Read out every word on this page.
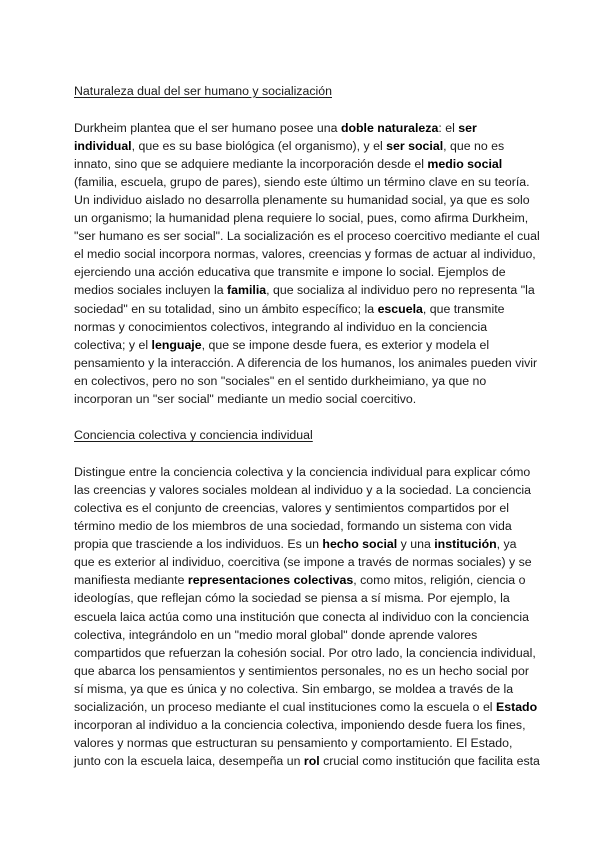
Naturaleza dual del ser humano y socialización

Durkheim plantea que el ser humano posee una doble naturaleza: el ser individual, que es su base biológica (el organismo), y el ser social, que no es innato, sino que se adquiere mediante la incorporación desde el medio social (familia, escuela, grupo de pares), siendo este último un término clave en su teoría. Un individuo aislado no desarrolla plenamente su humanidad social, ya que es solo un organismo; la humanidad plena requiere lo social, pues, como afirma Durkheim, "ser humano es ser social". La socialización es el proceso coercitivo mediante el cual el medio social incorpora normas, valores, creencias y formas de actuar al individuo, ejerciendo una acción educativa que transmite e impone lo social. Ejemplos de medios sociales incluyen la familia, que socializa al individuo pero no representa "la sociedad" en su totalidad, sino un ámbito específico; la escuela, que transmite normas y conocimientos colectivos, integrando al individuo en la conciencia colectiva; y el lenguaje, que se impone desde fuera, es exterior y modela el pensamiento y la interacción. A diferencia de los humanos, los animales pueden vivir en colectivos, pero no son "sociales" en el sentido durkheimiano, ya que no incorporan un "ser social" mediante un medio social coercitivo.

Conciencia colectiva y conciencia individual

Distingue entre la conciencia colectiva y la conciencia individual para explicar cómo las creencias y valores sociales moldean al individuo y a la sociedad. La conciencia colectiva es el conjunto de creencias, valores y sentimientos compartidos por el término medio de los miembros de una sociedad, formando un sistema con vida propia que trasciende a los individuos. Es un hecho social y una institución, ya que es exterior al individuo, coercitiva (se impone a través de normas sociales) y se manifiesta mediante representaciones colectivas, como mitos, religión, ciencia o ideologías, que reflejan cómo la sociedad se piensa a sí misma. Por ejemplo, la escuela laica actúa como una institución que conecta al individuo con la conciencia colectiva, integrándolo en un "medio moral global" donde aprende valores compartidos que refuerzan la cohesión social. Por otro lado, la conciencia individual, que abarca los pensamientos y sentimientos personales, no es un hecho social por sí misma, ya que es única y no colectiva. Sin embargo, se moldea a través de la socialización, un proceso mediante el cual instituciones como la escuela o el Estado incorporan al individuo a la conciencia colectiva, imponiendo desde fuera los fines, valores y normas que estructuran su pensamiento y comportamiento. El Estado, junto con la escuela laica, desempeña un rol crucial como institución que facilita esta
